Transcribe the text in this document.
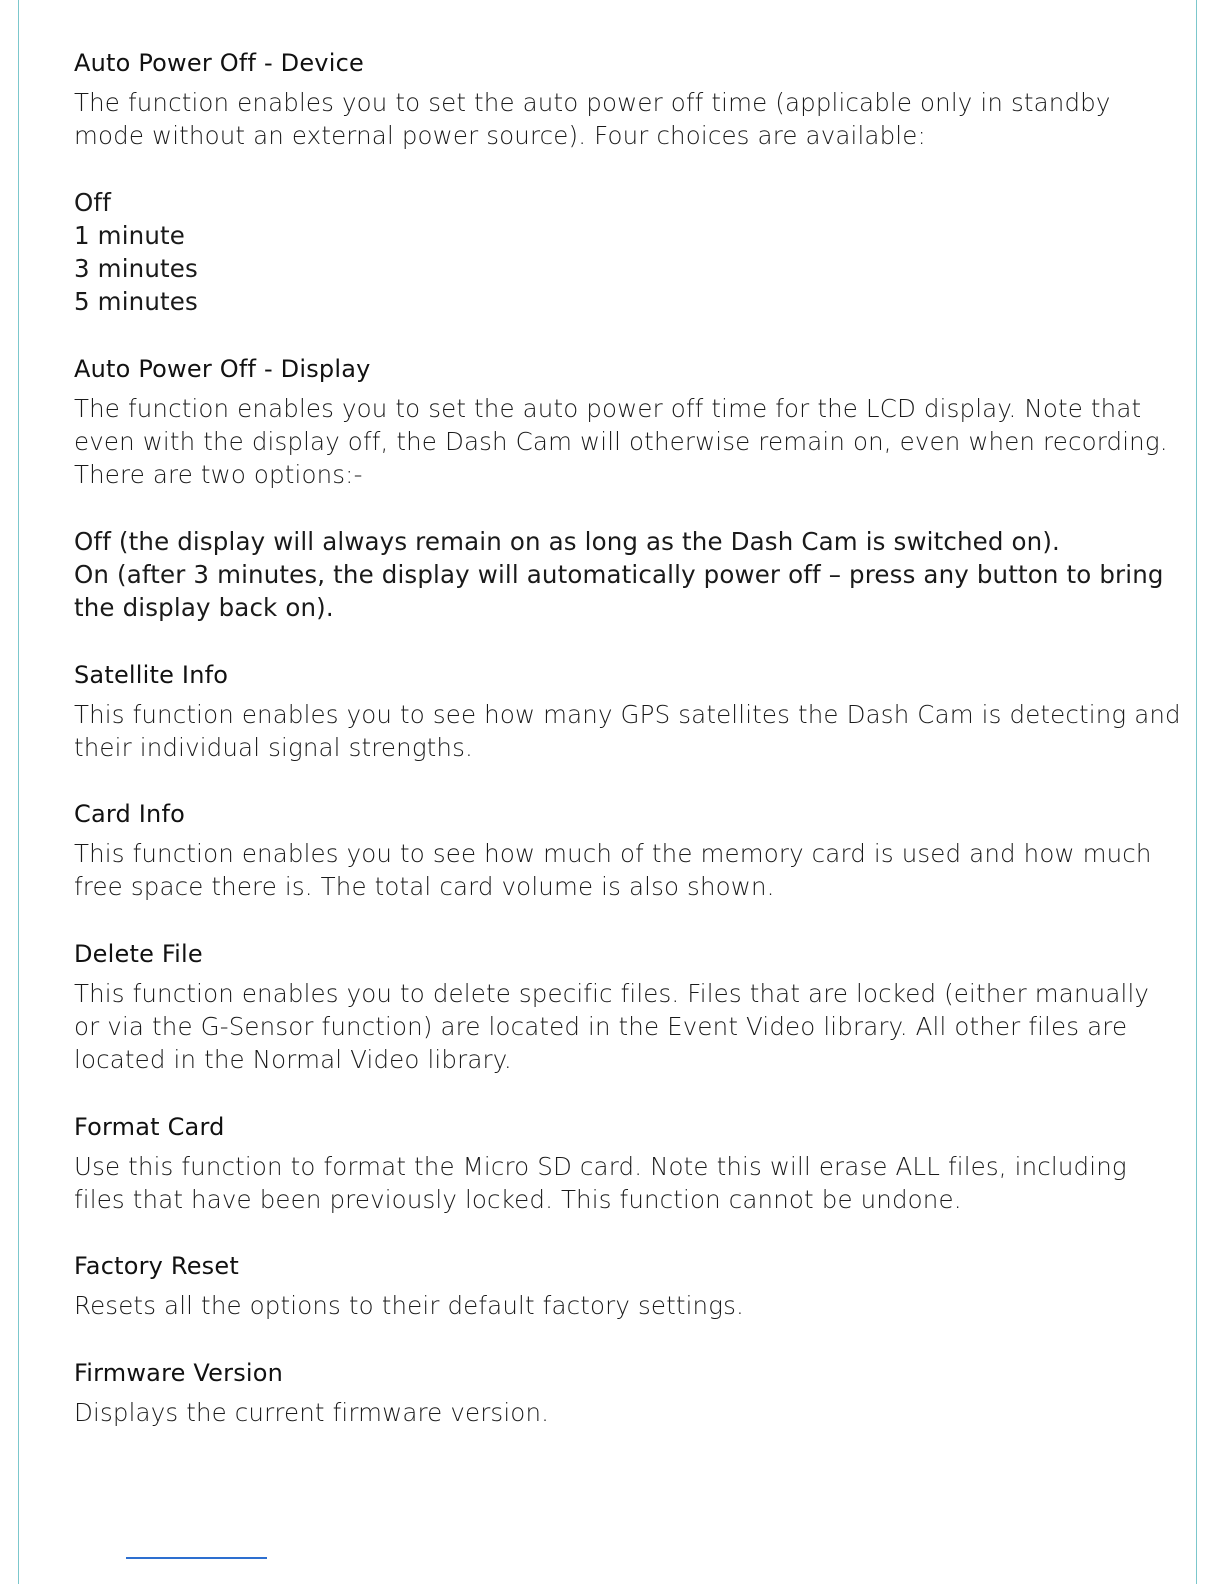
Auto Power Off - Device

The function enables you to set the auto power off time (applicable only in standby
mode without an external power source). Four choices are available:

Off
1 minute
3 minutes
5 minutes
Auto Power Off - Display

The function enables you to set the auto power off time for the LCD display. Note that
even with the display off, the Dash Cam will otherwise remain on, even when recording.
There are two options:-

Off (the display will always remain on as long as the Dash Cam is switched on).
On (after 3 minutes, the display will automatically power off – press any button to bring
the display back on).
Satellite Info

This function enables you to see how many GPS satellites the Dash Cam is detecting and
their individual signal strengths.

Card Info

This function enables you to see how much of the memory card is used and how much
free space there is. The total card volume is also shown.

Delete File

This function enables you to delete specific files. Files that are locked (either manually
or via the G-Sensor function) are located in the Event Video library. All other files are
located in the Normal Video library.

Format Card

Use this function to format the Micro SD card. Note this will erase ALL files, including
files that have been previously locked. This function cannot be undone.

Factory Reset

Resets all the options to their default factory settings.

Firmware Version

Displays the current firmware version.
